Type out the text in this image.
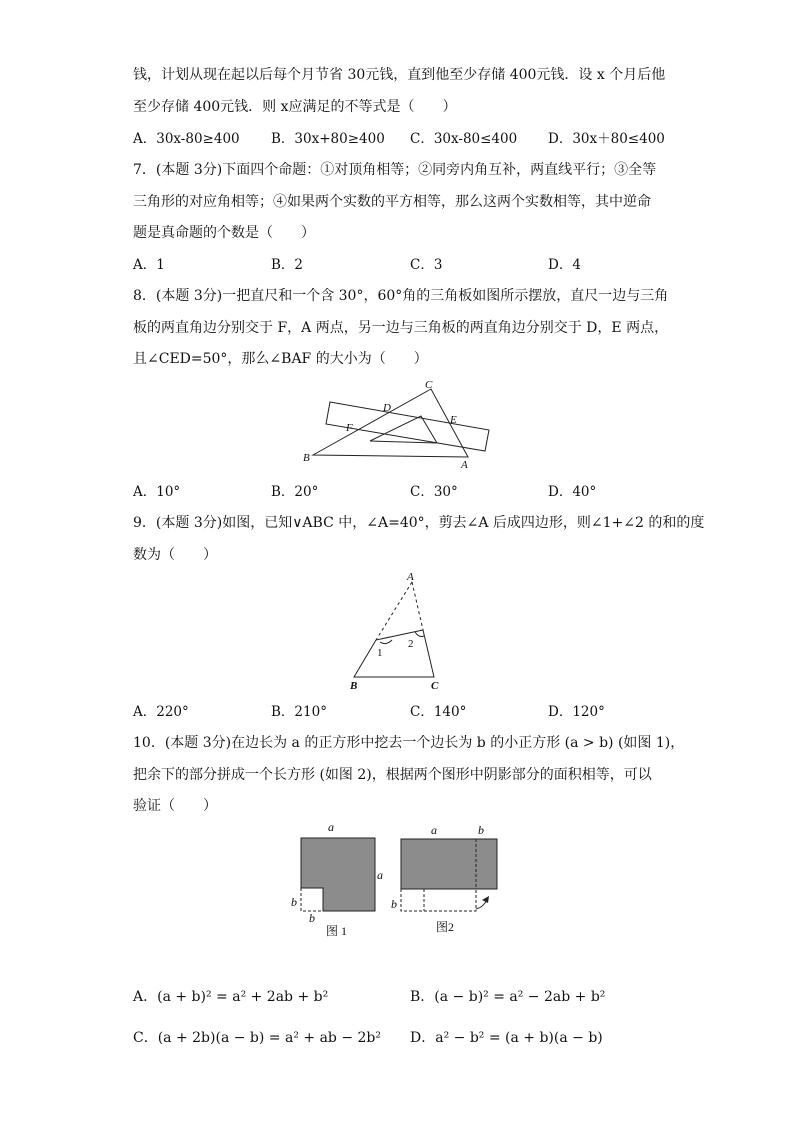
钱，计划从现在起以后每个月节省 30元钱，直到他至少存储 400元钱．设 x 个月后他
至少存储 400元钱．则 x应满足的不等式是（　　）
A．30x-80≥400 B．30x+80≥400 C．30x-80≤400 D．30x＋80≤400
7．(本题 3分)下面四个命题：①对顶角相等；②同旁内角互补，两直线平行；③全等
三角形的对应角相等；④如果两个实数的平方相等，那么这两个实数相等，其中逆命
题是真命题的个数是（　　）
A．1	B．2	C．3	D．4
8．(本题 3分)一把直尺和一个含 30°，60°角的三角板如图所示摆放，直尺一边与三角
板的两直角边分别交于 F，A 两点，另一边与三角板的两直角边分别交于 D，E 两点，
且∠CED=50°，那么∠BAF 的大小为（　　）
C
D
E
F
B
A
A．10°	B．20°	C．30°	D．40°
9．(本题 3分)如图，已知∨ABC 中，∠A=40°，剪去∠A 后成四边形，则∠1+∠2 的和的度
数为（　　）
A
1
2
B	C
A．220°	B．210°	C．140°	D．120°
10．(本题 3分)在边长为 a 的正方形中挖去一个边长为 b 的小正方形 (a > b) (如图 1)，
把余下的部分拼成一个长方形 (如图 2)，根据两个图形中阴影部分的面积相等，可以
验证（　　）
a
a
b
b
图 1
a	b
b
图2
A．(a + b)² = a² + 2ab + b²	B．(a − b)² = a² − 2ab + b²
C．(a + 2b)(a − b) = a² + ab − 2b² D．a² − b² = (a + b)(a − b)
